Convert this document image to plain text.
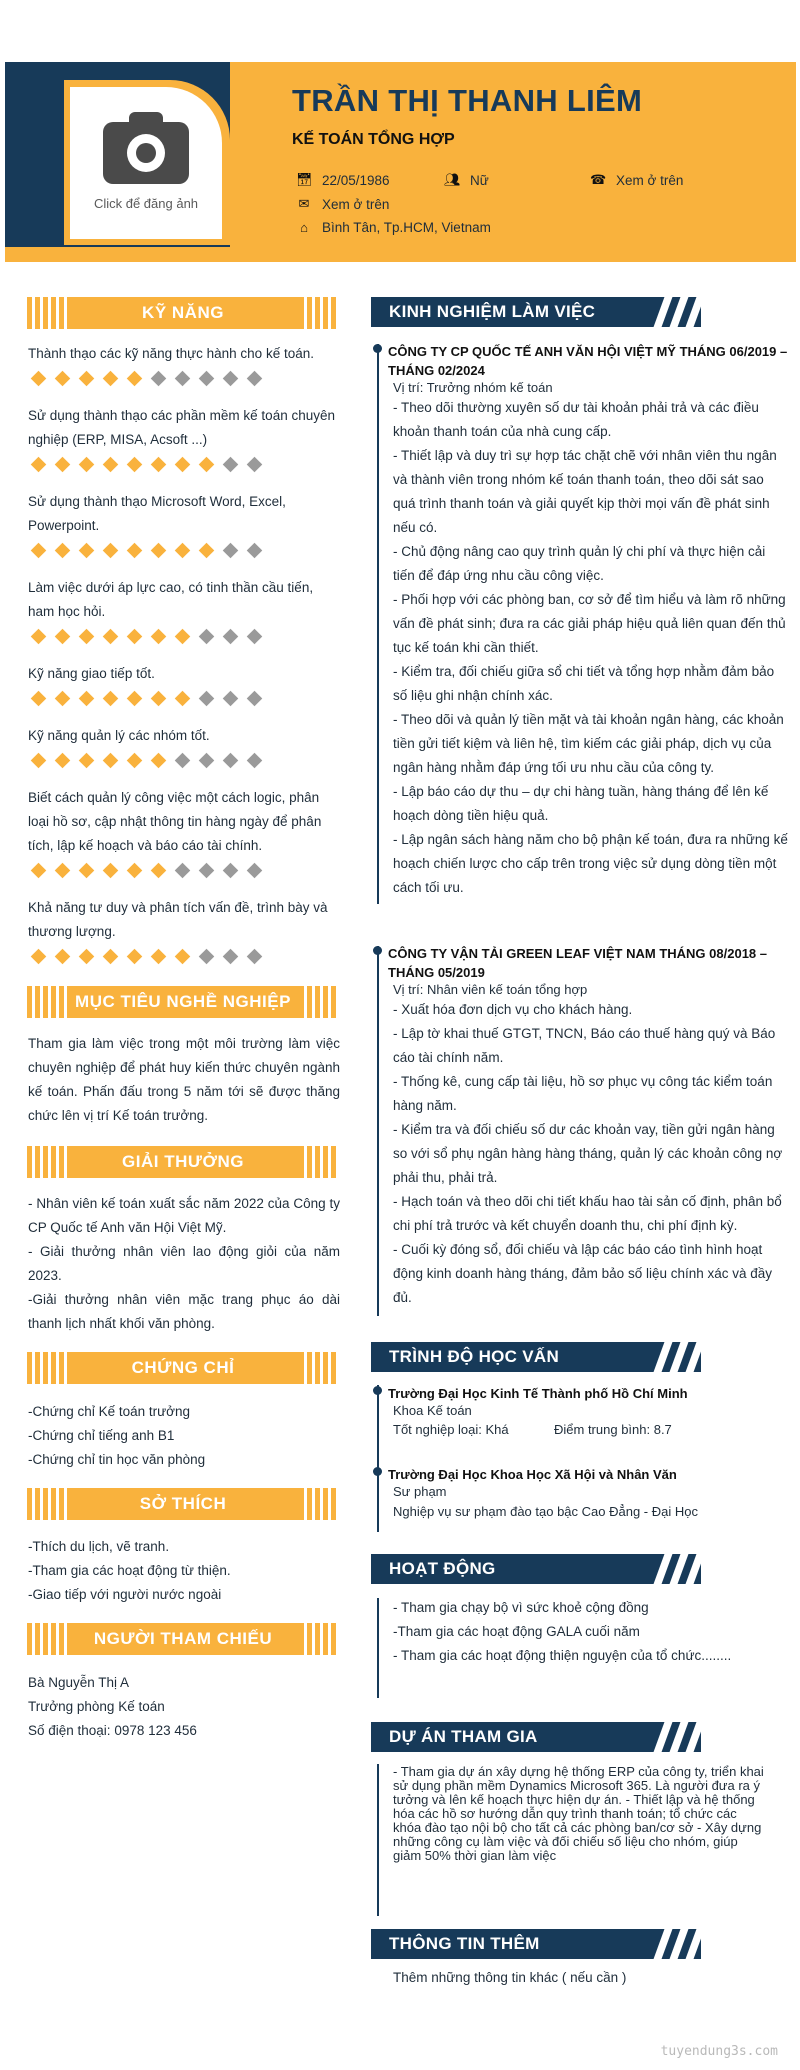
Click để đăng ảnh
TRẦN THỊ THANH LIÊM
KẾ TOÁN TỔNG HỢP
📅︎ 22/05/1986	👥︎ Nữ	☎ Xem ở trên
✉ Xem ở trên
⌂	Bình Tân, Tp.HCM, Vietnam
KỸ NĂNG
Thành thạo các kỹ năng thực hành cho kế toán.
Sử dụng thành thạo các phần mềm kế toán chuyên nghiệp (ERP, MISA, Acsoft ...)
Sử dụng thành thạo Microsoft Word, Excel, Powerpoint.
Làm việc dưới áp lực cao, có tinh thần cầu tiến, ham học hỏi.
Kỹ năng giao tiếp tốt.
Kỹ năng quản lý các nhóm tốt.
Biết cách quản lý công việc một cách logic, phân loại hồ sơ, cập nhật thông tin hàng ngày để phân tích, lập kế hoạch và báo cáo tài chính.
Khả năng tư duy và phân tích vấn đề, trình bày và thương lượng.
MỤC TIÊU NGHỀ NGHIỆP
Tham gia làm việc trong một môi trường làm việc chuyên nghiệp để phát huy kiến thức chuyên ngành kế toán. Phấn đấu trong 5 năm tới sẽ được thăng chức lên vị trí Kế toán trưởng.
GIẢI THƯỞNG
- Nhân viên kế toán xuất sắc năm 2022 của Công ty CP Quốc tế Anh văn Hội Việt Mỹ.
- Giải thưởng nhân viên lao động giỏi của năm 2023.
-Giải thưởng nhân viên mặc trang phục áo dài thanh lịch nhất khối văn phòng.
CHỨNG CHỈ
-Chứng chỉ Kế toán trưởng
-Chứng chỉ tiếng anh B1
-Chứng chỉ tin học văn phòng
SỞ THÍCH
-Thích du lịch, vẽ tranh.
-Tham gia các hoạt động từ thiện.
-Giao tiếp với người nước ngoài
NGƯỜI THAM CHIẾU
Bà Nguyễn Thị A
Trưởng phòng Kế toán
Số điện thoại: 0978 123 456
KINH NGHIỆM LÀM VIỆC
CÔNG TY CP QUỐC TẾ ANH VĂN HỘI VIỆT MỸ THÁNG 06/2019 – THÁNG 02/2024
Vị trí: Trưởng nhóm kế toán
- Theo dõi thường xuyên số dư tài khoản phải trả và các điều khoản thanh toán của nhà cung cấp.
- Thiết lập và duy trì sự hợp tác chặt chẽ với nhân viên thu ngân và thành viên trong nhóm kế toán thanh toán, theo dõi sát sao quá trình thanh toán và giải quyết kịp thời mọi vấn đề phát sinh nếu có.
- Chủ động nâng cao quy trình quản lý chi phí và thực hiện cải tiến để đáp ứng nhu cầu công việc.
- Phối hợp với các phòng ban, cơ sở để tìm hiểu và làm rõ những vấn đề phát sinh; đưa ra các giải pháp hiệu quả liên quan đến thủ tục kế toán khi cần thiết.
- Kiểm tra, đối chiếu giữa sổ chi tiết và tổng hợp nhằm đảm bảo số liệu ghi nhận chính xác.
- Theo dõi và quản lý tiền mặt và tài khoản ngân hàng, các khoản tiền gửi tiết kiệm và liên hệ, tìm kiếm các giải pháp, dịch vụ của ngân hàng nhằm đáp ứng tối ưu nhu cầu của công ty.
- Lập báo cáo dự thu – dự chi hàng tuần, hàng tháng để lên kế hoạch dòng tiền hiệu quả.
- Lập ngân sách hàng năm cho bộ phận kế toán, đưa ra những kế hoạch chiến lược cho cấp trên trong việc sử dụng dòng tiền một cách tối ưu.
CÔNG TY VẬN TẢI GREEN LEAF VIỆT NAM THÁNG 08/2018 – THÁNG 05/2019
Vị trí: Nhân viên kế toán tổng hợp
- Xuất hóa đơn dịch vụ cho khách hàng.
- Lập tờ khai thuế GTGT, TNCN, Báo cáo thuế hàng quý và Báo cáo tài chính năm.
- Thống kê, cung cấp tài liệu, hồ sơ phục vụ công tác kiểm toán hàng năm.
- Kiểm tra và đối chiếu số dư các khoản vay, tiền gửi ngân hàng so với sổ phụ ngân hàng hàng tháng, quản lý các khoản công nợ phải thu, phải trả.
- Hạch toán và theo dõi chi tiết khấu hao tài sản cố định, phân bổ chi phí trả trước và kết chuyển doanh thu, chi phí định kỳ.
- Cuối kỳ đóng sổ, đối chiếu và lập các báo cáo tình hình hoạt động kinh doanh hàng tháng, đảm bảo số liệu chính xác và đầy đủ.
TRÌNH ĐỘ HỌC VẤN
Trường Đại Học Kinh Tế Thành phố Hồ Chí Minh
Khoa Kế toán
Tốt nghiệp loại: Khá	Điểm trung bình: 8.7
Trường Đại Học Khoa Học Xã Hội và Nhân Văn
Sư phạm
Nghiệp vụ sư phạm đào tạo bậc Cao Đẳng - Đại Học
HOẠT ĐỘNG
- Tham gia chạy bộ vì sức khoẻ cộng đồng
-Tham gia các hoạt động GALA cuối năm
- Tham gia các hoạt động thiện nguyện của tổ chức........
DỰ ÁN THAM GIA
- Tham gia dự án xây dựng hệ thống ERP của công ty, triển khai sử dụng phần mềm Dynamics Microsoft 365. Là người đưa ra ý tưởng và lên kế hoạch thực hiện dự án. - Thiết lập và hệ thống hóa các hồ sơ hướng dẫn quy trình thanh toán; tổ chức các khóa đào tạo nội bộ cho tất cả các phòng ban/cơ sở - Xây dựng những công cụ làm việc và đối chiếu số liệu cho nhóm, giúp giảm 50% thời gian làm việc
THÔNG TIN THÊM
Thêm những thông tin khác ( nếu cần )
tuyendung3s.com
